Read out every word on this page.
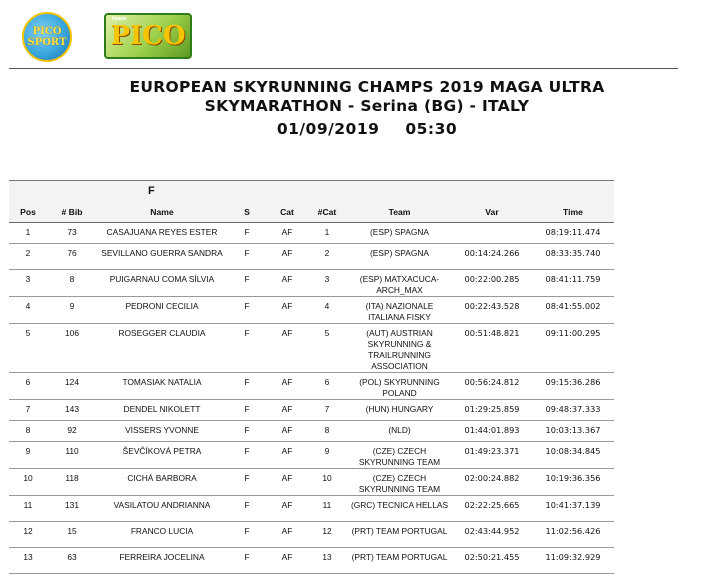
PICO
SPORT
team
PICO
EUROPEAN SKYRUNNING CHAMPS 2019 MAGA ULTRA
SKYMARATHON - Serina (BG) - ITALY
01/09/2019 05:30
F
Pos	# Bib	Name	S	Cat	#Cat	Team	Var	Time
1	73	CASAJUANA REYES ESTER	F	AF	1	(ESP) SPAGNA		08:19:11.474
2	76	SEVILLANO GUERRA SANDRA	F	AF	2	(ESP) SPAGNA	00:14:24.266	08:33:35.740
3	8	PUIGARNAU COMA SÍLVIA	F	AF	3	(ESP) MATXACUCA-ARCH_MAX	00:22:00.285	08:41:11.759
4	9	PEDRONI CECILIA	F	AF	4	(ITA) NAZIONALE ITALIANA FISKY	00:22:43.528	08:41:55.002
5	106	ROSEGGER CLAUDIA	F	AF	5	(AUT) AUSTRIAN SKYRUNNING & TRAILRUNNING ASSOCIATION	00:51:48.821	09:11:00.295
6	124	TOMASIAK NATALIA	F	AF	6	(POL) SKYRUNNING POLAND	00:56:24.812	09:15:36.286
7	143	DENDEL NIKOLETT	F	AF	7	(HUN) HUNGARY	01:29:25.859	09:48:37.333
8	92	VISSERS YVONNE	F	AF	8	(NLD)	01:44:01.893	10:03:13.367
9	110	ŠEVČÍKOVÁ PETRA	F	AF	9	(CZE) CZECH SKYRUNNING TEAM	01:49:23.371	10:08:34.845
10	118	CICHÁ BARBORA	F	AF	10	(CZE) CZECH SKYRUNNING TEAM	02:00:24.882	10:19:36.356
11	131	VASILATOU ANDRIANNA	F	AF	11	(GRC) TECNICA HELLAS	02:22:25.665	10:41:37.139
12	15	FRANCO LUCIA	F	AF	12	(PRT) TEAM PORTUGAL	02:43:44.952	11:02:56.426
13	63	FERREIRA JOCELINA	F	AF	13	(PRT) TEAM PORTUGAL	02:50:21.455	11:09:32.929
